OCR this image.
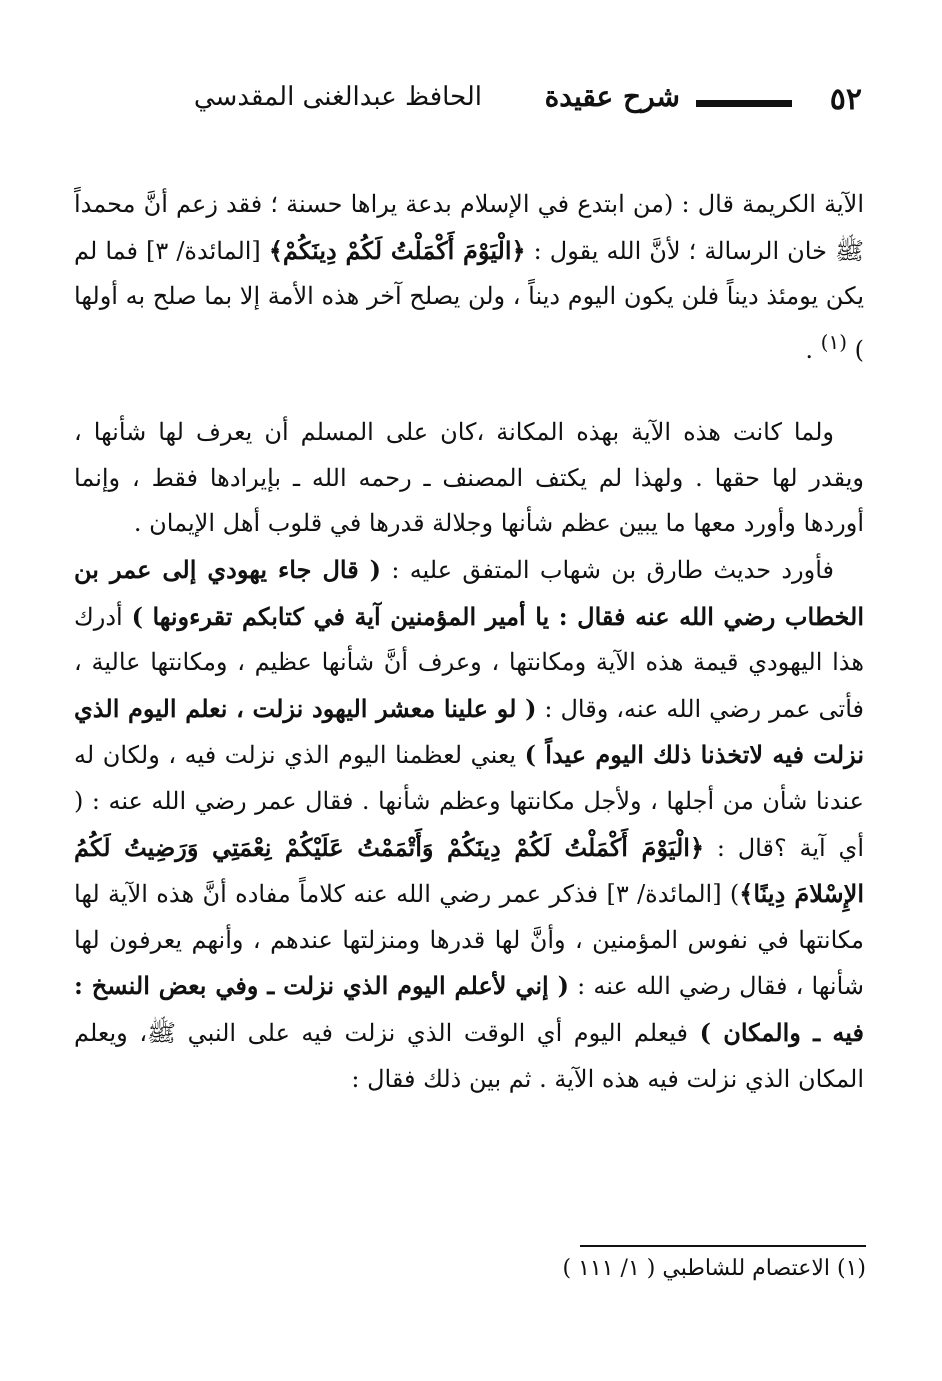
٥٢
شرح عقيدة
الحافظ عبدالغنى المقدسي
الآية الكريمة قال : (من ابتدع في الإسلام بدعة يراها حسنة ؛ فقد زعم أنَّ محمداً ﷺ خان الرسالة ؛ لأنَّ الله يقول : ﴿الْيَوْمَ أَكْمَلْتُ لَكُمْ دِينَكُمْ﴾ [المائدة/ ٣] فما لم يكن يومئذ ديناً فلن يكون اليوم ديناً ، ولن يصلح آخر هذه الأمة إلا بما صلح به أولها ) $^{(١)}$ .
ولما كانت هذه الآية بهذه المكانة ،كان على المسلم أن يعرف لها شأنها ، ويقدر لها حقها . ولهذا لم يكتف المصنف ـ رحمه الله ـ بإيرادها فقط ، وإنما أوردها وأورد معها ما يبين عظم شأنها وجلالة قدرها في قلوب أهل الإيمان .
فأورد حديث طارق بن شهاب المتفق عليه : ( قال جاء يهودي إلى عمر بن الخطاب رضي الله عنه فقال : يا أمير المؤمنين آية في كتابكم تقرءونها ) أدرك هذا اليهودي قيمة هذه الآية ومكانتها ، وعرف أنَّ شأنها عظيم ، ومكانتها عالية ، فأتى عمر رضي الله عنه، وقال : ( لو علينا معشر اليهود نزلت ، نعلم اليوم الذي نزلت فيه لاتخذنا ذلك اليوم عيداً ) يعني لعظمنا اليوم الذي نزلت فيه ، ولكان له عندنا شأن من أجلها ، ولأجل مكانتها وعظم شأنها . فقال عمر رضي الله عنه : ( أي آية ؟قال : ﴿الْيَوْمَ أَكْمَلْتُ لَكُمْ دِينَكُمْ وَأَتْمَمْتُ عَلَيْكُمْ نِعْمَتِي وَرَضِيتُ لَكُمُ الإِسْلامَ دِينًا﴾) [المائدة/ ٣] فذكر عمر رضي الله عنه كلاماً مفاده أنَّ هذه الآية لها مكانتها في نفوس المؤمنين ، وأنَّ لها قدرها ومنزلتها عندهم ، وأنهم يعرفون لها شأنها ، فقال رضي الله عنه : ( إني لأعلم اليوم الذي نزلت ـ وفي بعض النسخ : فيه ـ والمكان ) فيعلم اليوم أي الوقت الذي نزلت فيه على النبي ﷺ، ويعلم المكان الذي نزلت فيه هذه الآية . ثم بين ذلك فقال :
(١) الاعتصام للشاطبي ( ١/ ١١١ )
